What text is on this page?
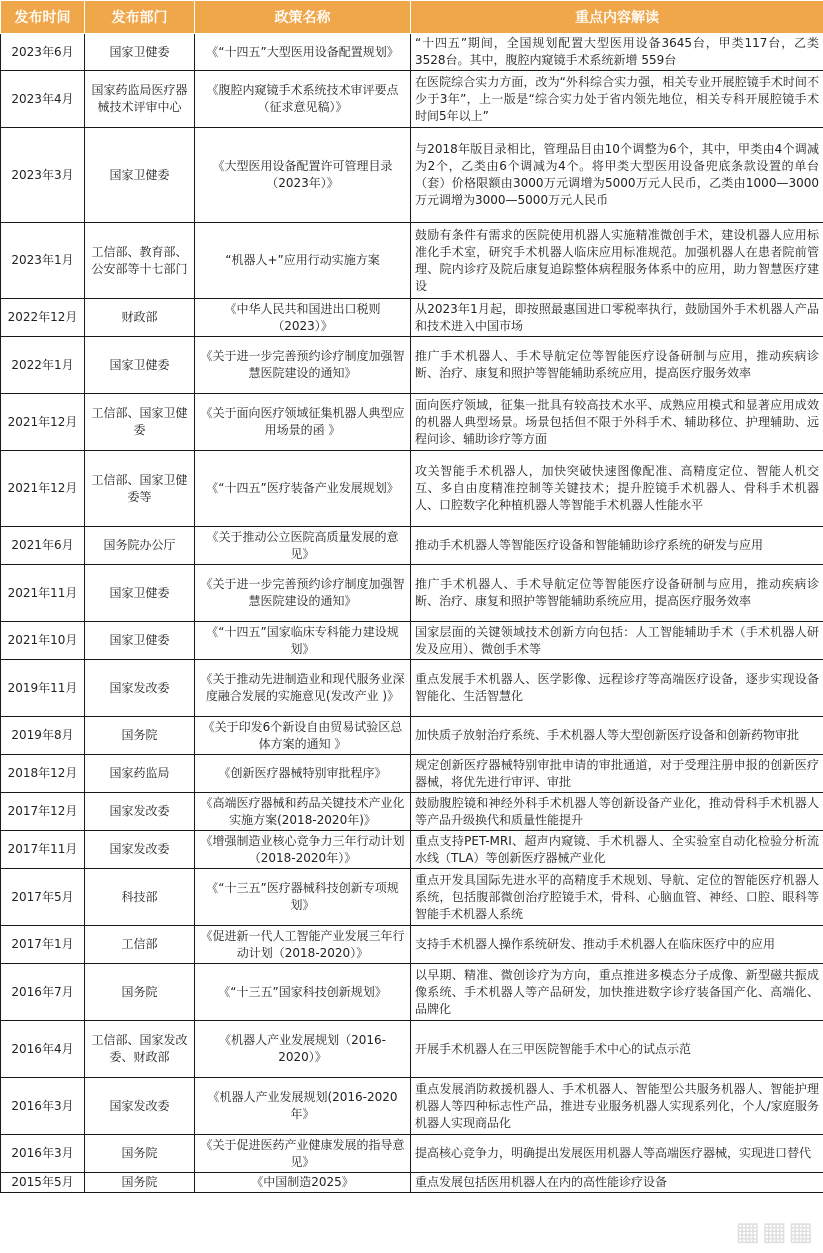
发布时间	发布部门	政策名称	重点内容解读
2023年6月	国家卫健委	《“十四五”大型医用设备配置规划》	“十四五”期间，全国规划配置大型医用设备3645台，甲类117台，乙类3528台。其中，腹腔内窥镜手术系统新增 559台
2023年4月	国家药监局医疗器械技术评审中心	《腹腔内窥镜手术系统技术审评要点（征求意见稿）》	在医院综合实力方面，改为“外科综合实力强，相关专业开展腔镜手术时间不少于3年”，上一版是“综合实力处于省内领先地位，相关专科开展腔镜手术时间5年以上”
2023年3月	国家卫健委	《大型医用设备配置许可管理目录（2023年）》	与2018年版目录相比，管理品目由10个调整为6个，其中，甲类由4个调减为2个，乙类由6个调减为4个。将甲类大型医用设备兜底条款设置的单台（套）价格限额由3000万元调增为5000万元人民币，乙类由1000—3000万元调增为3000—5000万元人民币
2023年1月	工信部、教育部、公安部等十七部门	“机器人+”应用行动实施方案	鼓励有条件有需求的医院使用机器人实施精准微创手术，建设机器人应用标准化手术室，研究手术机器人临床应用标准规范。加强机器人在患者院前管理、院内诊疗及院后康复追踪整体病程服务体系中的应用，助力智慧医疗建设
2022年12月	财政部	《中华人民共和国进出口税则（2023）》	从2023年1月起，即按照最惠国进口零税率执行，鼓励国外手术机器人产品和技术进入中国市场
2022年1月	国家卫健委	《关于进一步完善预约诊疗制度加强智慧医院建设的通知》	推广手术机器人、手术导航定位等智能医疗设备研制与应用，推动疾病诊断、治疗、康复和照护等智能辅助系统应用，提高医疗服务效率
2021年12月	工信部、国家卫健委	《关于面向医疗领域征集机器人典型应用场景的函 》	面向医疗领域，征集一批具有较高技术水平、成熟应用模式和显著应用成效的机器人典型场景。场景包括但不限于外科手术、辅助移位、护理辅助、远程问诊、辅助诊疗等方面
2021年12月	工信部、国家卫健委等	《“十四五”医疗装备产业发展规划》	攻关智能手术机器人，加快突破快速图像配准、高精度定位、智能人机交互、多自由度精准控制等关键技术；提升腔镜手术机器人、骨科手术机器人、口腔数字化种植机器人等智能手术机器人性能水平
2021年6月	国务院办公厅	《关于推动公立医院高质量发展的意见》	推动手术机器人等智能医疗设备和智能辅助诊疗系统的研发与应用
2021年11月	国家卫健委	《关于进一步完善预约诊疗制度加强智慧医院建设的通知》	推广手术机器人、手术导航定位等智能医疗设备研制与应用，推动疾病诊断、治疗、康复和照护等智能辅助系统应用，提高医疗服务效率
2021年10月	国家卫健委	《“十四五”国家临床专科能力建设规划》	国家层面的关键领域技术创新方向包括：人工智能辅助手术（手术机器人研发及应用）、微创手术等
2019年11月	国家发改委	《关于推动先进制造业和现代服务业深度融合发展的实施意见(发改产业 )》	重点发展手术机器人、医学影像、远程诊疗等高端医疗设备，逐步实现设备智能化、生活智慧化
2019年8月	国务院	《关于印发6个新设自由贸易试验区总体方案的通知 》	加快质子放射治疗系统、手术机器人等大型创新医疗设备和创新药物审批
2018年12月	国家药监局	《创新医疗器械特别审批程序》	规定创新医疗器械特别审批申请的审批通道，对于受理注册申报的创新医疗器械，将优先进行审评、审批
2017年12月	国家发改委	《高端医疗器械和药品关键技术产业化实施方案(2018-2020年)》	鼓励腹腔镜和神经外科手术机器人等创新设备产业化，推动骨科手术机器人等产品升级换代和质量性能提升
2017年11月	国家发改委	《增强制造业核心竞争力三年行动计划（2018-2020年）》	重点支持PET-MRI、超声内窥镜、手术机器人、全实验室自动化检验分析流水线（TLA）等创新医疗器械产业化
2017年5月	科技部	《“十三五”医疗器械科技创新专项规划》	重点开发具国际先进水平的高精度手术规划、导航、定位的智能医疗机器人系统，包括腹部微创治疗腔镜手术，骨科、心脑血管、神经、口腔、眼科等智能手术机器人系统
2017年1月	工信部	《促进新一代人工智能产业发展三年行动计划（2018-2020）》	支持手术机器人操作系统研发、推动手术机器人在临床医疗中的应用
2016年7月	国务院	《“十三五”国家科技创新规划》	以早期、精准、微创诊疗为方向，重点推进多模态分子成像、新型磁共振成像系统、手术机器人等产品研发，加快推进数字诊疗装备国产化、高端化、品牌化
2016年4月	工信部、国家发改委、财政部	《机器人产业发展规划（2016-2020）》	开展手术机器人在三甲医院智能手术中心的试点示范
2016年3月	国家发改委	《机器人产业发展规划(2016-2020年》	重点发展消防救援机器人、手术机器人、智能型公共服务机器人、智能护理机器人等四种标志性产品，推进专业服务机器人实现系列化，个人/家庭服务机器人实现商品化
2016年3月	国务院	《关于促进医药产业健康发展的指导意见》	提高核心竞争力，明确提出发展医用机器人等高端医疗器械，实现进口替代
2015年5月	国务院	《中国制造2025》	重点发展包括医用机器人在内的高性能诊疗设备
▦▦▦
